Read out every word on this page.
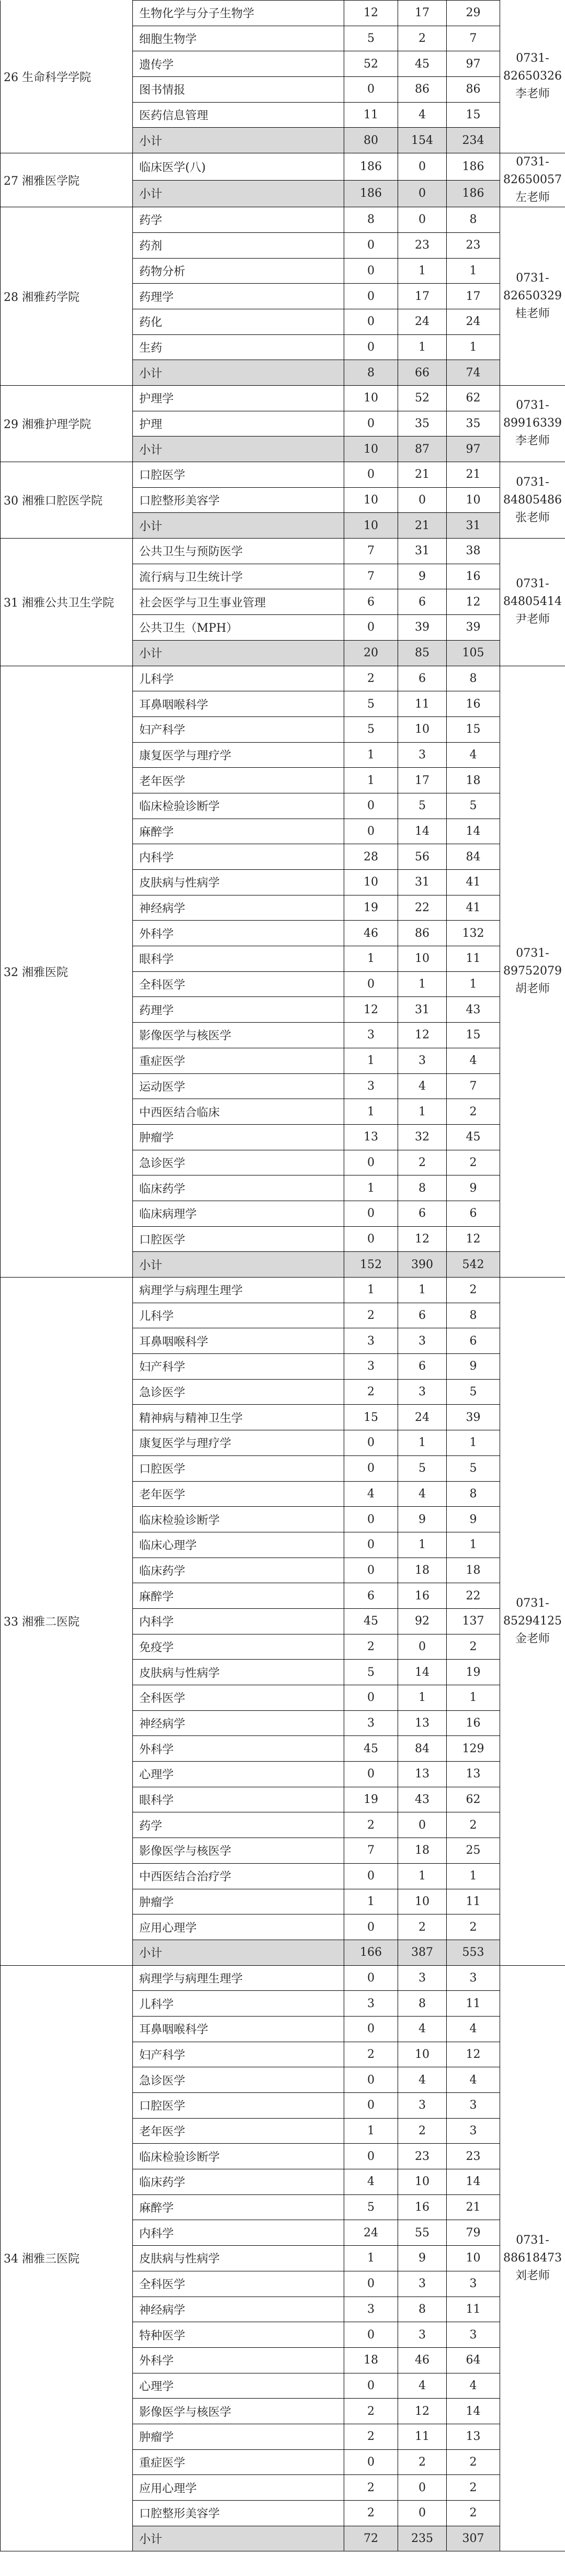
26 生命科学学院	生物化学与分子生物学	12	17	29	0731-82650326
李老师

	细胞生物学	5	2	7	
	遗传学	52	45	97	
	图书情报	0	86	86	
	医药信息管理	11	4	15	
	小计	80	154	234	
27 湘雅医学院	临床医学(八)	186	0	186	0731-82650057
左老师

	小计	186	0	186	
28 湘雅药学院	药学	8	0	8	0731-82650329
桂老师

	药剂	0	23	23	
	药物分析	0	1	1	
	药理学	0	17	17	
	药化	0	24	24	
	生药	0	1	1	
	小计	8	66	74	
29 湘雅护理学院	护理学	10	52	62	0731-89916339
李老师

	护理	0	35	35	
	小计	10	87	97	
30 湘雅口腔医学院	口腔医学	0	21	21	0731-84805486
张老师

	口腔整形美容学	10	0	10	
	小计	10	21	31	
31 湘雅公共卫生学院	公共卫生与预防医学	7	31	38	0731-84805414
尹老师

	流行病与卫生统计学	7	9	16	
	社会医学与卫生事业管理	6	6	12	
	公共卫生（MPH）	0	39	39	
	小计	20	85	105	
32 湘雅医院	儿科学	2	6	8	0731-89752079
胡老师

	耳鼻咽喉科学	5	11	16	
	妇产科学	5	10	15	
	康复医学与理疗学	1	3	4	
	老年医学	1	17	18	
	临床检验诊断学	0	5	5	
	麻醉学	0	14	14	
	内科学	28	56	84	
	皮肤病与性病学	10	31	41	
	神经病学	19	22	41	
	外科学	46	86	132	
	眼科学	1	10	11	
	全科医学	0	1	1	
	药理学	12	31	43	
	影像医学与核医学	3	12	15	
	重症医学	1	3	4	
	运动医学	3	4	7	
	中西医结合临床	1	1	2	
	肿瘤学	13	32	45	
	急诊医学	0	2	2	
	临床药学	1	8	9	
	临床病理学	0	6	6	
	口腔医学	0	12	12	
	小计	152	390	542	
33 湘雅二医院	病理学与病理生理学	1	1	2	0731-85294125
金老师

	儿科学	2	6	8	
	耳鼻咽喉科学	3	3	6	
	妇产科学	3	6	9	
	急诊医学	2	3	5	
	精神病与精神卫生学	15	24	39	
	康复医学与理疗学	0	1	1	
	口腔医学	0	5	5	
	老年医学	4	4	8	
	临床检验诊断学	0	9	9	
	临床心理学	0	1	1	
	临床药学	0	18	18	
	麻醉学	6	16	22	
	内科学	45	92	137	
	免疫学	2	0	2	
	皮肤病与性病学	5	14	19	
	全科医学	0	1	1	
	神经病学	3	13	16	
	外科学	45	84	129	
	心理学	0	13	13	
	眼科学	19	43	62	
	药学	2	0	2	
	影像医学与核医学	7	18	25	
	中西医结合治疗学	0	1	1	
	肿瘤学	1	10	11	
	应用心理学	0	2	2	
	小计	166	387	553	
34 湘雅三医院	病理学与病理生理学	0	3	3	0731-88618473
刘老师

	儿科学	3	8	11	
	耳鼻咽喉科学	0	4	4	
	妇产科学	2	10	12	
	急诊医学	0	4	4	
	口腔医学	0	3	3	
	老年医学	1	2	3	
	临床检验诊断学	0	23	23	
	临床药学	4	10	14	
	麻醉学	5	16	21	
	内科学	24	55	79	
	皮肤病与性病学	1	9	10	
	全科医学	0	3	3	
	神经病学	3	8	11	
	特种医学	0	3	3	
	外科学	18	46	64	
	心理学	0	4	4	
	影像医学与核医学	2	12	14	
	肿瘤学	2	11	13	
	重症医学	0	2	2	
	应用心理学	2	0	2	
	口腔整形美容学	2	0	2	
	小计	72	235	307	
